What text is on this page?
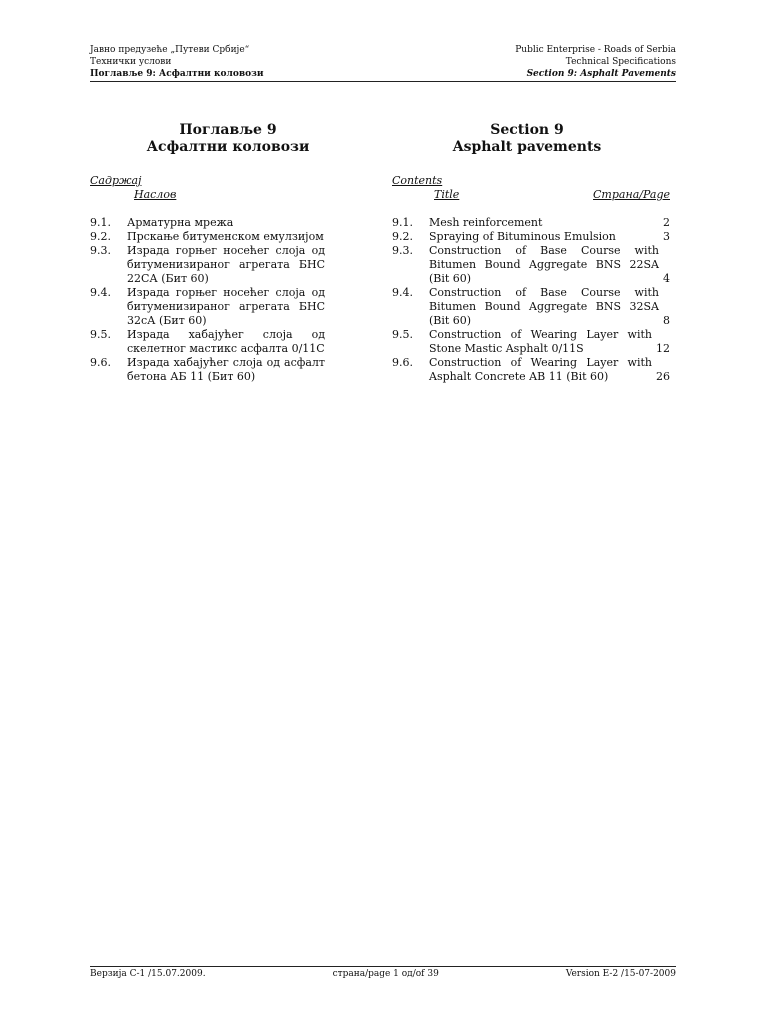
Јавно предузеће „Путеви Србије“	Public Enterprise - Roads of Serbia
Технички услови	Technical Specifications
Поглавље 9: Асфалтни коловози	Section 9: Asphalt Pavements
Поглавље 9
Асфалтни коловози
Садржај
Наслов
9.1.	Арматурна мрежа
9.2.	Прскање битуменском емулзијом
9.3.	Израда горњег носећег слоја од битуменизираног агрегата БНС 22СА (Бит 60)
9.4.	Израда горњег носећег слоја од битуменизираног агрегата БНС 32сА (Бит 60)
9.5.	Израда хабајућег слоја од скелетног мастикс асфалта 0/11С
9.6.	Израда хабајућег слоја од асфалт бетона АБ 11 (Бит 60)
Section 9
Asphalt pavements
Contents
Title	Страна/Page
9.1.	Mesh reinforcement	2
9.2.	Spraying of Bituminous Emulsion	3
9.3.	Construction of Base Course with Bitumen Bound Aggregate BNS 22SA (Bit 60)	4
9.4.	Construction of Base Course with Bitumen Bound Aggregate BNS 32SA (Bit 60)	8
9.5.	Construction of Wearing Layer with Stone Mastic Asphalt 0/11S	12
9.6.	Construction of Wearing Layer with Asphalt Concrete AB 11 (Bit 60)	26
Верзија С-1 /15.07.2009.	страна/page 1 од/of 39	Version E-2 /15-07-2009
